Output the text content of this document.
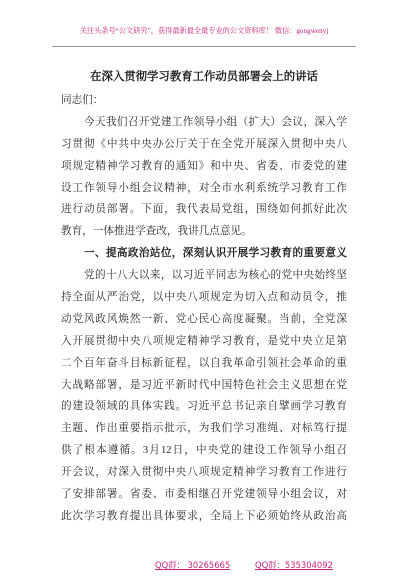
关注头条号“公文研究”，获得最新最全最专业的公文资料库！ 微信：gongwenyj
在深入贯彻学习教育工作动员部署会上的讲话
同志们：
今天我们召开党建工作领导小组（扩大）会议，深入学
习贯彻《中共中央办公厅关于在全党开展深入贯彻中央八
项规定精神学习教育的通知》和中央、省委、市委党的建
设工作领导小组会议精神，对全市水利系统学习教育工作
进行动员部署。下面，我代表局党组，围绕如何抓好此次
教育，一体推进学查改，我讲几点意见。
一、提高政治站位，深刻认识开展学习教育的重要意义
党的十八大以来，以习近平同志为核心的党中央始终坚
持全面从严治党，以中央八项规定为切入点和动员令，推
动党风政风焕然一新、党心民心高度凝聚。当前，全党深
入开展贯彻中央八项规定精神学习教育，是党中央立足第
二个百年奋斗目标新征程，以自我革命引领社会革命的重
大战略部署，是习近平新时代中国特色社会主义思想在党
的建设领域的具体实践。习近平总书记亲自擘画学习教育
主题、作出重要指示批示，为我们学习准绳、对标笃行提
供了根本遵循。3月12日，中央党的建设工作领导小组召
开会议，对深入贯彻中央八项规定精神学习教育工作进行
了安排部署。省委、市委相继召开党建领导小组会议，对
此次学习教育提出具体要求，全局上下必须始终从政治高
QQ群： 30265665	QQ群：535304092
